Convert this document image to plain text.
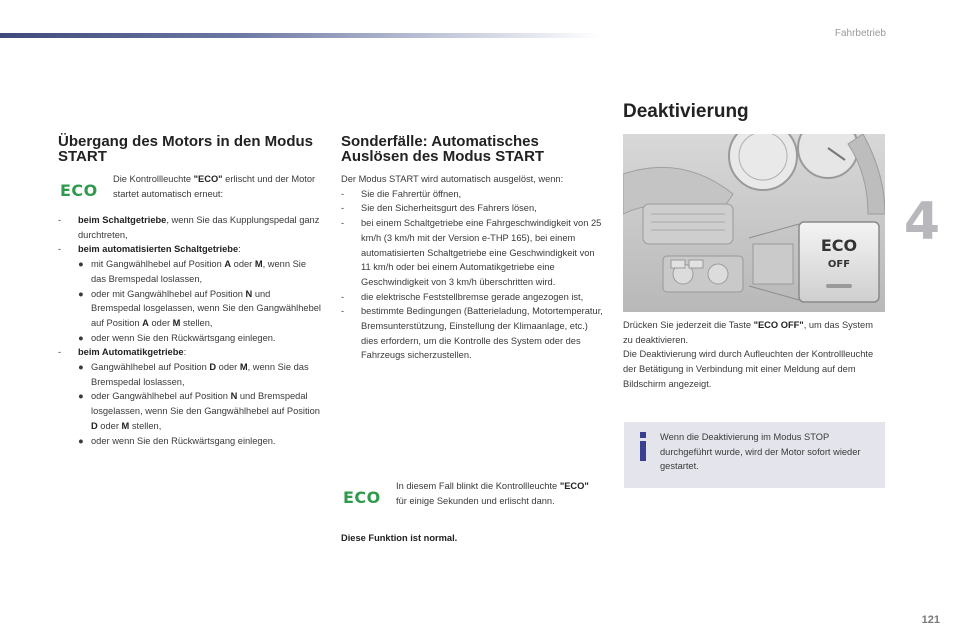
Fahrbetrieb
4
121
Übergang des Motors in den Modus
START
ECO
Die Kontrollleuchte "ECO" erlischt und der Motor startet automatisch erneut:
-	beim Schaltgetriebe, wenn Sie das Kupplungspedal ganz durchtreten,
-	beim automatisierten Schaltgetriebe:
● mit Gangwählhebel auf Position A oder M, wenn Sie das Bremspedal loslassen,
● oder mit Gangwählhebel auf Position N und Bremspedal losgelassen, wenn Sie den Gangwählhebel auf Position A oder M stellen,
● oder wenn Sie den Rückwärtsgang einlegen.
-	beim Automatikgetriebe:
● Gangwählhebel auf Position D oder M, wenn Sie das Bremspedal loslassen,
● oder Gangwählhebel auf Position N und Bremspedal losgelassen, wenn Sie den Gangwählhebel auf Position D oder M stellen,
● oder wenn Sie den Rückwärtsgang einlegen.
Sonderfälle: Automatisches
Auslösen des Modus START
Der Modus START wird automatisch ausgelöst, wenn:
-	Sie die Fahrertür öffnen,
-	Sie den Sicherheitsgurt des Fahrers lösen,
-	bei einem Schaltgetriebe eine Fahrgeschwindigkeit von 25 km/h (3 km/h mit der Version e-THP 165), bei einem automatisierten Schaltgetriebe eine Geschwindigkeit von 11 km/h oder bei einem Automatikgetriebe eine Geschwindigkeit von 3 km/h überschritten wird.
-	die elektrische Feststellbremse gerade angezogen ist,
-	bestimmte Bedingungen (Batterieladung, Motortemperatur, Bremsunterstützung, Einstellung der Klimaanlage, etc.) dies erfordern, um die Kontrolle des System oder des Fahrzeugs sicherzustellen.
ECO
In diesem Fall blinkt die Kontrollleuchte "ECO" für einige Sekunden und erlischt dann.
Diese Funktion ist normal.
Deaktivierung
ECO
OFF
Drücken Sie jederzeit die Taste "ECO OFF", um das System zu deaktivieren.
Die Deaktivierung wird durch Aufleuchten der Kontrollleuchte der Betätigung in Verbindung mit einer Meldung auf dem Bildschirm angezeigt.
Wenn die Deaktivierung im Modus STOP durchgeführt wurde, wird der Motor sofort wieder gestartet.
